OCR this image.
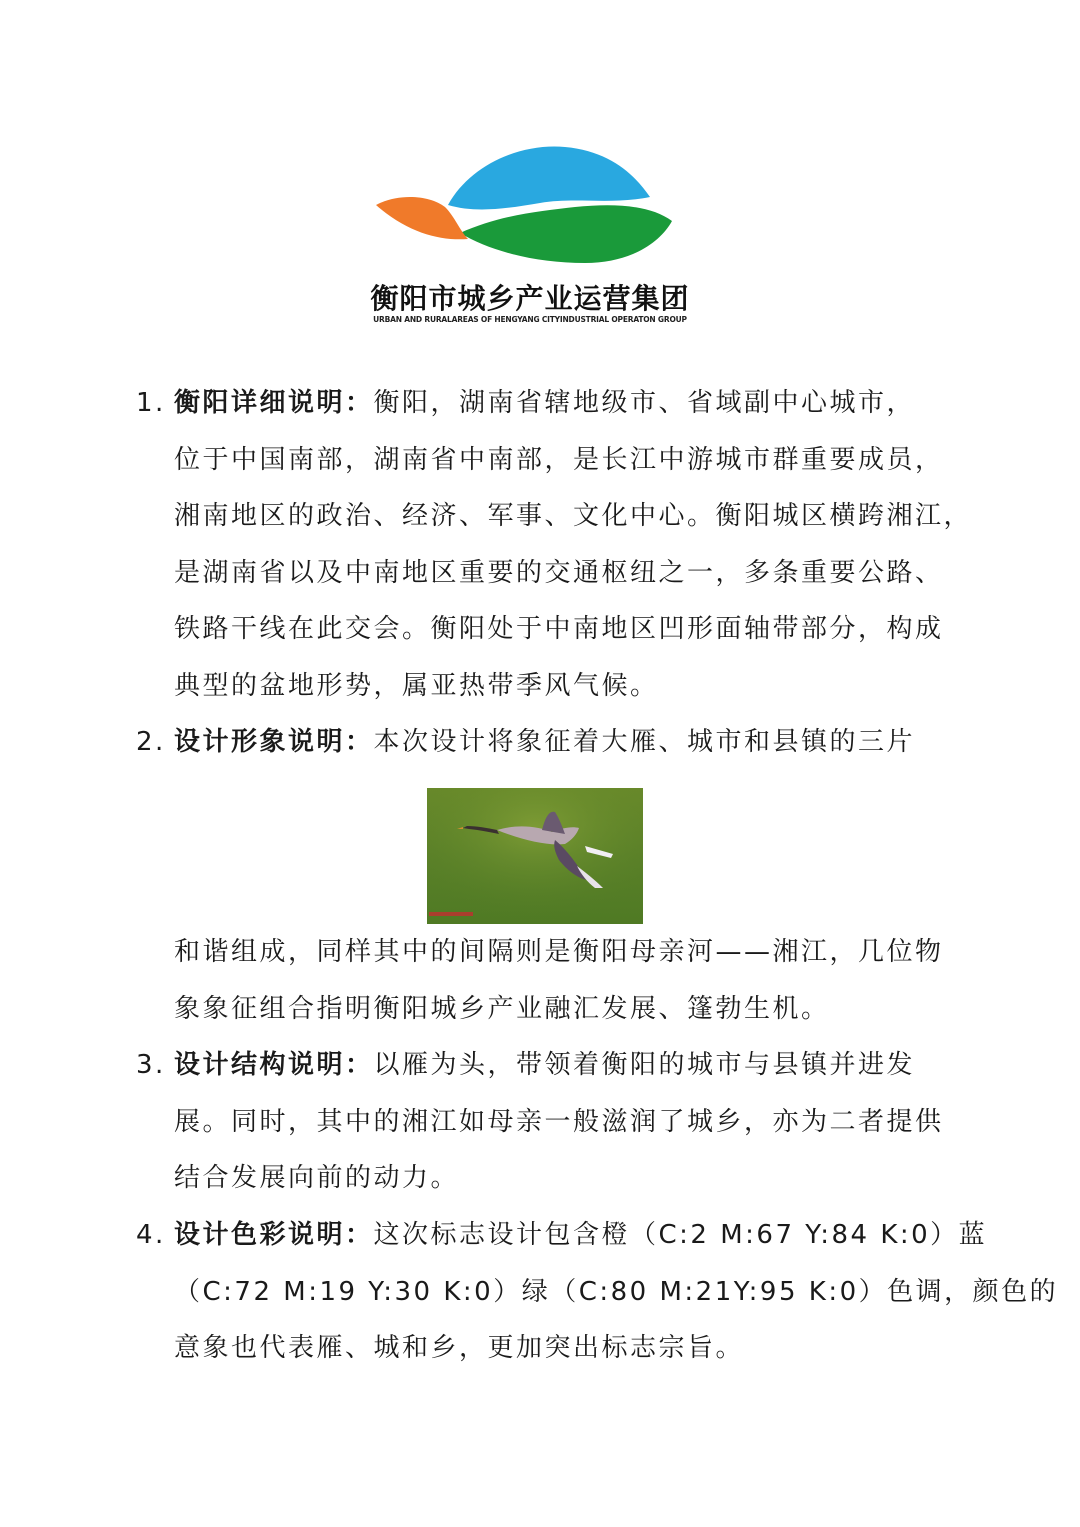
衡阳市城乡产业运营集团
URBAN AND RURALAREAS OF HENGYANG CITYINDUSTRIAL OPERATON GROUP
1. 衡阳详细说明：衡阳，湖南省辖地级市、省域副中心城市，
位于中国南部，湖南省中南部，是长江中游城市群重要成员，
湘南地区的政治、经济、军事、文化中心。衡阳城区横跨湘江，
是湖南省以及中南地区重要的交通枢纽之一，多条重要公路、
铁路干线在此交会。衡阳处于中南地区凹形面轴带部分，构成
典型的盆地形势，属亚热带季风气候。
2. 设计形象说明：本次设计将象征着大雁、城市和县镇的三片
和谐组成，同样其中的间隔则是衡阳母亲河——湘江，几位物
象象征组合指明衡阳城乡产业融汇发展、篷勃生机。
3. 设计结构说明：以雁为头，带领着衡阳的城市与县镇并进发
展。同时，其中的湘江如母亲一般滋润了城乡，亦为二者提供
结合发展向前的动力。
4. 设计色彩说明：这次标志设计包含橙（C:2 M:67 Y:84 K:0）蓝
（C:72 M:19 Y:30 K:0）绿（C:80 M:21Y:95 K:0）色调，颜色的
意象也代表雁、城和乡，更加突出标志宗旨。
